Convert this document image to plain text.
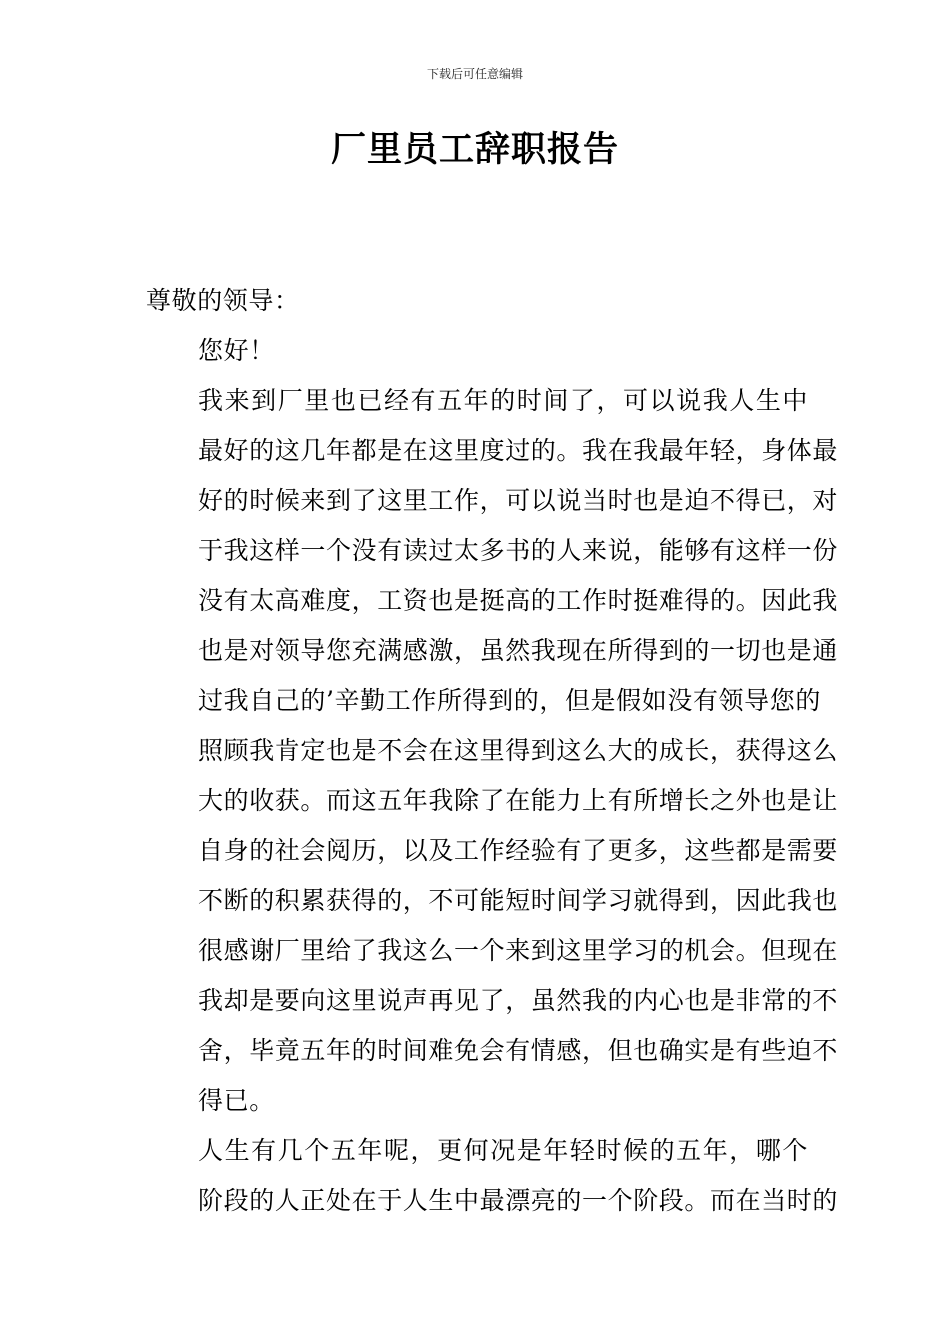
下载后可任意编辑
厂里员工辞职报告

尊敬的领导：

您好！

我来到厂里也已经有五年的时间了，可以说我人生中
最好的这几年都是在这里度过的。我在我最年轻，身体最
好的时候来到了这里工作，可以说当时也是迫不得已，对
于我这样一个没有读过太多书的人来说，能够有这样一份
没有太高难度，工资也是挺高的工作时挺难得的。因此我
也是对领导您充满感激，虽然我现在所得到的一切也是通
过我自己的’辛勤工作所得到的，但是假如没有领导您的
照顾我肯定也是不会在这里得到这么大的成长，获得这么
大的收获。而这五年我除了在能力上有所增长之外也是让
自身的社会阅历，以及工作经验有了更多，这些都是需要
不断的积累获得的，不可能短时间学习就得到，因此我也
很感谢厂里给了我这么一个来到这里学习的机会。但现在
我却是要向这里说声再见了，虽然我的内心也是非常的不
舍，毕竟五年的时间难免会有情感，但也确实是有些迫不
得已。

人生有几个五年呢，更何况是年轻时候的五年，哪个
阶段的人正处在于人生中最漂亮的一个阶段。而在当时的
